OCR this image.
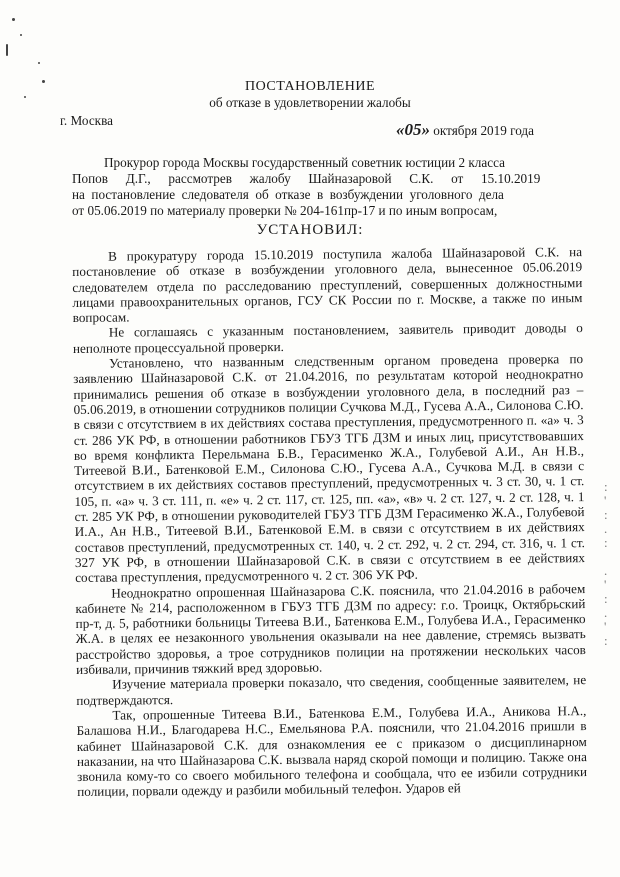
:
'
:
.
:

.
'
:
.
'
:
ПОСТАНОВЛЕНИЕ
об отказе в удовлетворении жалобы
г. Москва	«05» октября 2019 года
Прокурор города Москвы государственный советник юстиции 2 класса
Попов Д.Г., рассмотрев жалобу Шайназаровой С.К. от 15.10.2019
на постановление следователя об отказе в возбуждении уголовного дела
от 05.06.2019 по материалу проверки № 204-161пр-17 и по иным вопросам,
УСТАНОВИЛ:

В прокуратуру города 15.10.2019 поступила жалоба Шайназаровой С.К. на постановление об отказе в возбуждении уголовного дела, вынесенное 05.06.2019 следователем отдела по расследованию преступлений, совершенных должностными лицами правоохранительных органов, ГСУ СК России по г. Москве, а также по иным вопросам.

Не соглашаясь с указанным постановлением, заявитель приводит доводы о неполноте процессуальной проверки.

Установлено, что названным следственным органом проведена проверка по заявлению Шайназаровой С.К. от 21.04.2016, по результатам которой неоднократно принимались решения об отказе в возбуждении уголовного дела, в последний раз – 05.06.2019, в отношении сотрудников полиции Сучкова М.Д., Гусева А.А., Силонова С.Ю. в связи с отсутствием в их действиях состава преступления, предусмотренного п. «а» ч. 3 ст. 286 УК РФ, в отношении работников ГБУЗ ТГБ ДЗМ и иных лиц, присутствовавших во время конфликта Перельмана Б.В., Герасименко Ж.А., Голубевой А.И., Ан Н.В., Титеевой В.И., Батенковой Е.М., Силонова С.Ю., Гусева А.А., Сучкова М.Д. в связи с отсутствием в их действиях составов преступлений, предусмотренных ч. 3 ст. 30, ч. 1 ст. 105, п. «а» ч. 3 ст. 111, п. «е» ч. 2 ст. 117, ст. 125, пп. «а», «в» ч. 2 ст. 127, ч. 2 ст. 128, ч. 1 ст. 285 УК РФ, в отношении руководителей ГБУЗ ТГБ ДЗМ Герасименко Ж.А., Голубевой И.А., Ан Н.В., Титеевой В.И., Батенковой Е.М. в связи с отсутствием в их действиях составов преступлений, предусмотренных ст. 140, ч. 2 ст. 292, ч. 2 ст. 294, ст. 316, ч. 1 ст. 327 УК РФ, в отношении Шайназаровой С.К. в связи с отсутствием в ее действиях состава преступления, предусмотренного ч. 2 ст. 306 УК РФ.

Неоднократно опрошенная Шайназарова С.К. пояснила, что 21.04.2016 в рабочем кабинете № 214, расположенном в ГБУЗ ТГБ ДЗМ по адресу: г.о. Троицк, Октябрьский пр-т, д. 5, работники больницы Титеева В.И., Батенкова Е.М., Голубева И.А., Герасименко Ж.А. в целях ее незаконного увольнения оказывали на нее давление, стремясь вызвать расстройство здоровья, а трое сотрудников полиции на протяжении нескольких часов избивали, причинив тяжкий вред здоровью.

Изучение материала проверки показало, что сведения, сообщенные заявителем, не подтверждаются.

Так, опрошенные Титеева В.И., Батенкова Е.М., Голубева И.А., Аникова Н.А., Балашова Н.И., Благодарева Н.С., Емельянова Р.А. пояснили, что 21.04.2016 пришли в кабинет Шайназаровой С.К. для ознакомления ее с приказом о дисциплинарном наказании, на что Шайназарова С.К. вызвала наряд скорой помощи и полицию. Также она звонила кому-то со своего мобильного телефона и сообщала, что ее избили сотрудники полиции, порвали одежду и разбили мобильный телефон. Ударов ей
